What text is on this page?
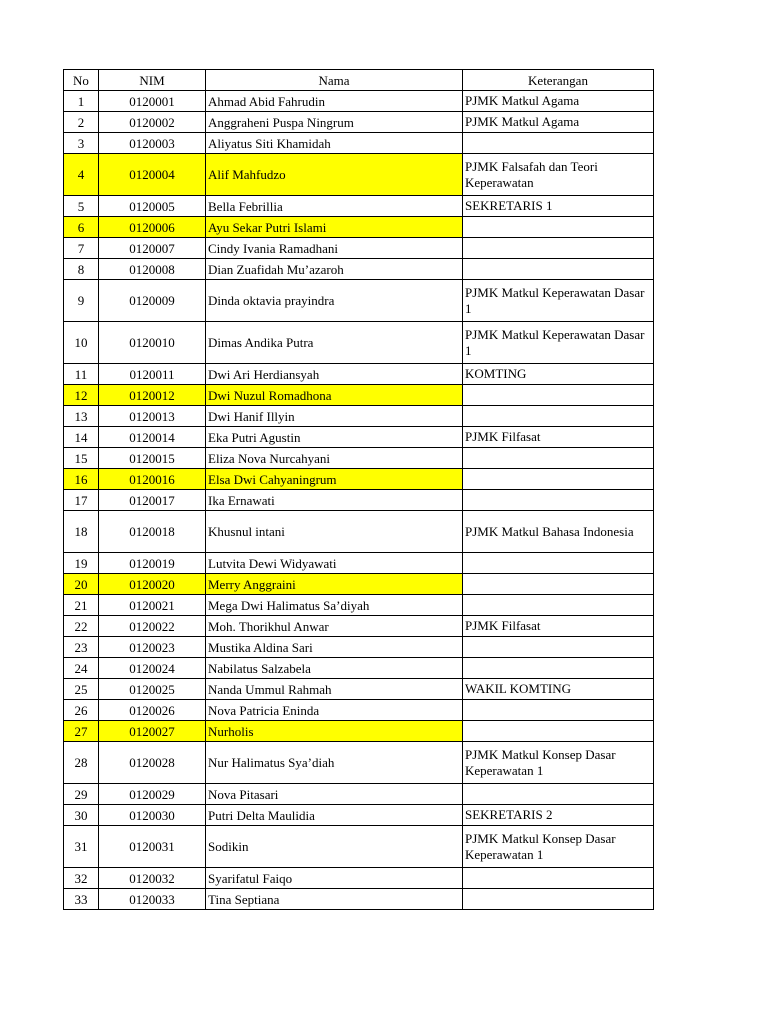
No	NIM	Nama	Keterangan
1	0120001	Ahmad Abid Fahrudin	PJMK Matkul Agama
2	0120002	Anggraheni Puspa Ningrum	PJMK Matkul Agama
3	0120003	Aliyatus Siti Khamidah	
4	0120004	Alif Mahfudzo	PJMK Falsafah dan Teori Keperawatan
5	0120005	Bella Febrillia	SEKRETARIS 1
6	0120006	Ayu Sekar Putri Islami	
7	0120007	Cindy Ivania Ramadhani	
8	0120008	Dian Zuafidah Mu’azaroh	
9	0120009	Dinda oktavia prayindra	PJMK Matkul Keperawatan Dasar 1
10	0120010	Dimas Andika Putra	PJMK Matkul Keperawatan Dasar 1
11	0120011	Dwi Ari Herdiansyah	KOMTING
12	0120012	Dwi Nuzul Romadhona	
13	0120013	Dwi Hanif Illyin	
14	0120014	Eka Putri Agustin	PJMK Filfasat
15	0120015	Eliza Nova Nurcahyani	
16	0120016	Elsa Dwi Cahyaningrum	
17	0120017	Ika Ernawati	
18	0120018	Khusnul intani	PJMK Matkul Bahasa Indonesia
19	0120019	Lutvita Dewi Widyawati	
20	0120020	Merry Anggraini	
21	0120021	Mega Dwi Halimatus Sa’diyah	
22	0120022	Moh. Thorikhul Anwar	PJMK Filfasat
23	0120023	Mustika Aldina Sari	
24	0120024	Nabilatus Salzabela	
25	0120025	Nanda Ummul Rahmah	WAKIL KOMTING
26	0120026	Nova Patricia Eninda	
27	0120027	Nurholis	
28	0120028	Nur Halimatus Sya’diah	PJMK Matkul Konsep Dasar Keperawatan 1
29	0120029	Nova Pitasari	
30	0120030	Putri Delta Maulidia	SEKRETARIS 2
31	0120031	Sodikin	PJMK Matkul Konsep Dasar Keperawatan 1
32	0120032	Syarifatul Faiqo	
33	0120033	Tina Septiana	
